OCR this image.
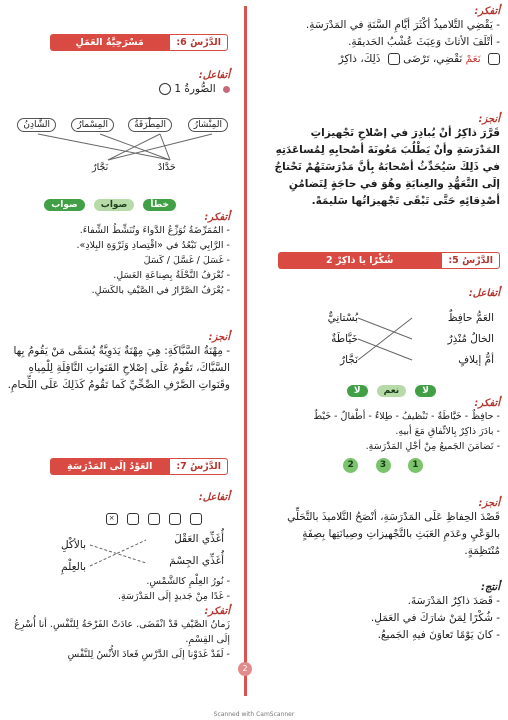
أتفكر:

- يَقْضِي التَّلاميذُ أكْثَرَ أيَّامِ السَّنَةِ في المَدْرَسَةِ.

- أتْلَفَ الأثاثَ وَعِبَثَ عُشْبُ الحَديقَةِ.

نَعَمْ نَقْضِي، تَرْضَى  ذَلِكَ، ذاكِرْ

أنجز:

قَرَّرَ ذاكِرُ أنْ يُبادِرَ في إصْلاحِ تَجْهيزاتِ المَدْرَسَةِ وأنْ يَطْلُبَ مَعُونَةَ أصْحابِهِ لِمُساعَدَتِهِ في ذَلِكَ سَيُحَدِّثُ أصْحابَهُ بِأنَّ مَدْرَسَتَهُمْ تَحْتاجُ إلَى التَّعَهُّدِ والعِنايَةِ وهُوَ في حاجَةٍ لِتَضامُنِ أصْدِقائِهِ حَتَّى تَبْقَى تَجْهيزاتُها سَليمَةً.

الدَّرْسُ 5:
شُكْرًا يا ذاكِرْ 2

أتفاعل:

العَمُّ حافِظٌ

الخالُ مُنْذِرٌ

أمُّ إيلافٍ

بُسْتانِيٌّ

خَيَّاطَةٌ

نَجَّارٌ

لا نعم لا

أتفكر:

- حافِظٌ - خَيَّاطَةٌ - تَنْظيفُ - طِلاءٌ - أطْفالٌ - خَيْطٌ

- بادَرَ ذاكِرٌ بِالاتِّفاقِ مَعَ أبيهِ.

- تَضامَنَ الجَميعُ مِنْ أجْلِ المَدْرَسَةِ.

1 3 2

أنجز:

قَصْدَ الحِفاظِ عَلَى المَدْرَسَةِ، أنْصَحُ التَّلاميذَ بالتَّحَلِّي بالوَعْيِ وعَدَمِ العَبَثِ بالتَّجْهيزاتِ وصِيانَتِها بِصِفَةٍ مُنْتَظِمَةٍ.

أنتج:

- قَصَدَ ذاكِرٌ المَدْرَسَةَ.

- شُكْرًا لِمَنْ شارَكَ في العَمَلِ.

- كانَ يَوْمًا تَعاوَنَ فيهِ الجَميعُ.

الدَّرْسُ 6:
مَسْرَحِيَّةُ العَمَلِ

أتفاعل:

الصُّورةُ 1

المِنْشارُ
المِطْرَقَةُ
المِسْمارُ
الشَّادِنُ
نَجَّارٌ	حَدَّادٌ
خطأ صواب صواب

أتفكر:

- المُمَرِّضَةُ تُوَزِّعُ الدَّواءَ وتُنَشِّطُ الشِّفاءَ.

- الرَّابِي تَبْعُدُ في «اقْتِصادِ وَثَرْوَةِ البِلادِ».

- غَسَلَ / غَسَّلَ / كَسَلَ

- تُعْرَفُ النَّحْلَةُ بِصِناعَةِ العَسَلِ.

- يُعْرَفُ الصَّرَّارُ في الصَّيْفِ بالكَسَلِ.

أنجز:

- مِهْنَةُ السَّبَّاكَةِ: هِيَ مِهْنَةٌ يَدَوِيَّةٌ يُسَمَّى مَنْ يَقُومُ بِها السَّبَّاكَ، تَقُومُ عَلَى إصْلاحِ القَنَواتِ النَّاقِلَةِ لِلْمِياهِ وقَنَواتِ الصَّرْفِ الصِّحِّيِّ كَما تَقُومُ كَذَلِكَ عَلَى اللِّحامِ.

الدَّرْسُ 7:
العَوْدُ إلَى المَدْرَسَةِ

أتفاعل:

×

أُغَذِّي العَقْلَ

أُغَذِّي الجِسْمَ

بالأكْلِ

بالعِلْمِ

- نُورُ العِلْمِ كالشَّمْسِ.

- غَدًا مِنْ جَديدٍ إلَى المَدْرَسَةِ.

أتفكر:

زَمانُ الصَّيْفِ قَدْ انْقَضَى. عادَتْ الفَرْحَةُ لِلنَّفْسِ. أنا أُسْرِعُ إلَى القِسْمِ.

- لَقَدْ غَدَوْنا إلَى الدَّرْسِ فَعادَ الأُنْسُ لِلنَّفْسِ

2
Scanned with CamScanner
